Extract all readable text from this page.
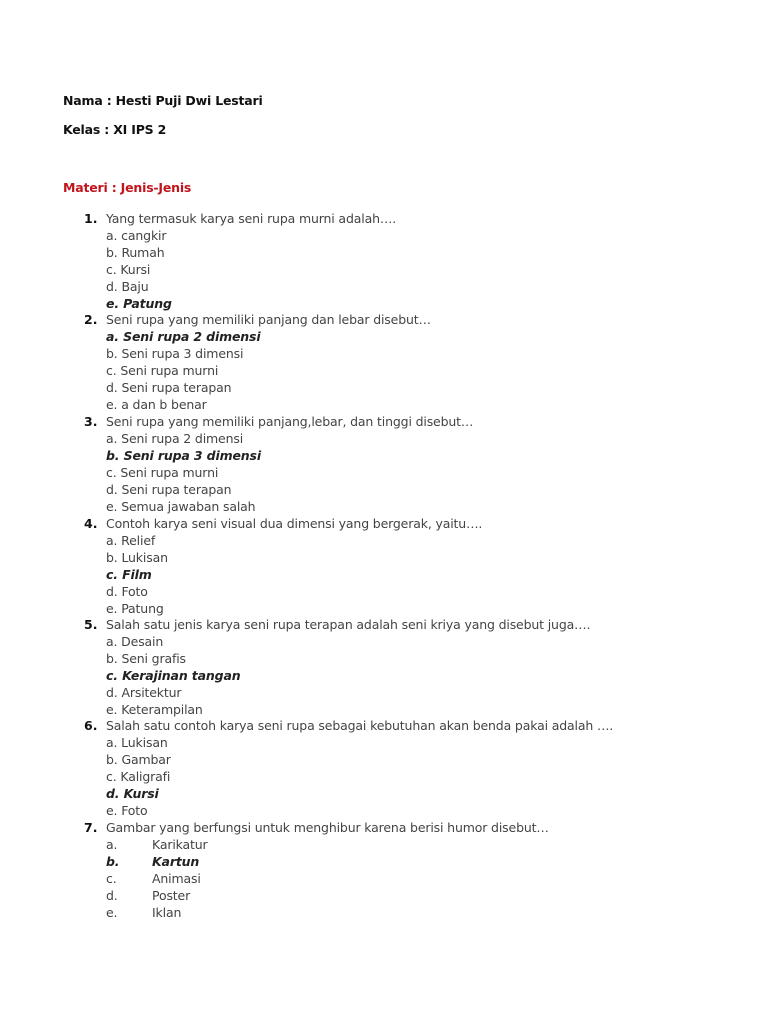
Nama : Hesti Puji Dwi Lestari
Kelas : XI IPS 2
Materi : Jenis-Jenis
1. Yang termasuk karya seni rupa murni adalah….
a. cangkir
b. Rumah
c. Kursi
d. Baju
e. Patung
2. Seni rupa yang memiliki panjang dan lebar disebut…
a. Seni rupa 2 dimensi
b. Seni rupa 3 dimensi
c. Seni rupa murni
d. Seni rupa terapan
e. a dan b benar
3. Seni rupa yang memiliki panjang,lebar, dan tinggi disebut…
a. Seni rupa 2 dimensi
b. Seni rupa 3 dimensi
c. Seni rupa murni
d. Seni rupa terapan
e. Semua jawaban salah
4. Contoh karya seni visual dua dimensi yang bergerak, yaitu….
a. Relief
b. Lukisan
c. Film
d. Foto
e. Patung
5. Salah satu jenis karya seni rupa terapan adalah seni kriya yang disebut juga….
a. Desain
b. Seni grafis
c. Kerajinan tangan
d. Arsitektur
e. Keterampilan
6. Salah satu contoh karya seni rupa sebagai kebutuhan akan benda pakai adalah ….
a. Lukisan
b. Gambar
c. Kaligrafi
d. Kursi
e. Foto
7. Gambar yang berfungsi untuk menghibur karena berisi humor disebut…
a.	Karikatur
b.	Kartun
c.	Animasi
d.	Poster
e.	Iklan
